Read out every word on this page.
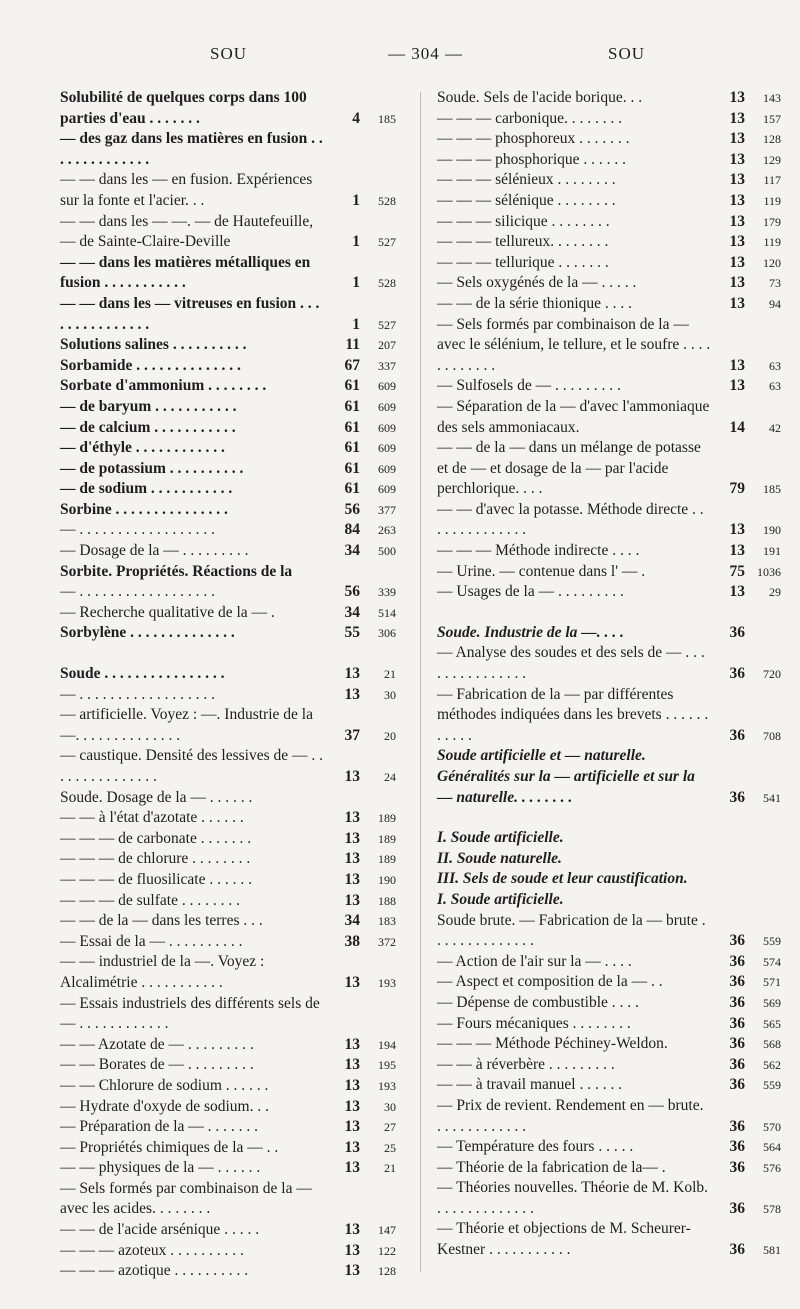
SOU	— 304 —	SOU
Solubilité de quelques corps dans 100 parties d'eau . . . . . . .	4	185
— des gaz dans les matières en fusion . . . . . . . . . . . . . .
— — dans les — en fusion. Expériences sur la fonte et l'acier. . .	1	528
— — dans les — —. — de Hautefeuille, — de Sainte-Claire-Deville	1	527
— — dans les matières métalliques en fusion . . . . . . . . . . .	1	528
— — dans les — vitreuses en fusion . . . . . . . . . . . . . . .	1	527
Solutions salines . . . . . . . . . .	11	207
Sorbamide . . . . . . . . . . . . . .	67	337
Sorbate d'ammonium . . . . . . . .	61	609
— de baryum . . . . . . . . . . .	61	609
— de calcium . . . . . . . . . . .	61	609
— d'éthyle . . . . . . . . . . . .	61	609
— de potassium . . . . . . . . . .	61	609
— de sodium . . . . . . . . . . .	61	609
Sorbine . . . . . . . . . . . . . . .	56	377
— . . . . . . . . . . . . . . . . . .	84	263
— Dosage de la — . . . . . . . . .	34	500
Sorbite. Propriétés. Réactions de la
— . . . . . . . . . . . . . . . . . .	56	339
— Recherche qualitative de la — .	34	514
Sorbylène . . . . . . . . . . . . . .	55	306
Soude . . . . . . . . . . . . . . . .	13	21
— . . . . . . . . . . . . . . . . . .	13	30
— artificielle. Voyez : —. Industrie de la —. . . . . . . . . . . . . .	37	20
— caustique. Densité des lessives de — . . . . . . . . . . . . . . .	13	24
Soude. Dosage de la — . . . . . .
— — à l'état d'azotate . . . . . .	13	189
— — — de carbonate . . . . . . .	13	189
— — — de chlorure . . . . . . . .	13	189
— — — de fluosilicate . . . . . .	13	190
— — — de sulfate . . . . . . . .	13	188
— — de la — dans les terres . . .	34	183
— Essai de la — . . . . . . . . . .	38	372
— — industriel de la —. Voyez : Alcalimétrie . . . . . . . . . . .	13	193
— Essais industriels des différents sels de — . . . . . . . . . . . .
— — Azotate de — . . . . . . . . .	13	194
— — Borates de — . . . . . . . . .	13	195
— — Chlorure de sodium . . . . . .	13	193
— Hydrate d'oxyde de sodium. . .	13	30
— Préparation de la — . . . . . . .	13	27
— Propriétés chimiques de la — . .	13	25
— — physiques de la — . . . . . .	13	21
— Sels formés par combinaison de la — avec les acides. . . . . . . .
— — de l'acide arsénique . . . . .	13	147
— — — azoteux . . . . . . . . . .	13	122
— — — azotique . . . . . . . . . .	13	128
Soude. Sels de l'acide borique. . .	13	143
— — — carbonique. . . . . . . .	13	157
— — — phosphoreux . . . . . . .	13	128
— — — phosphorique . . . . . .	13	129
— — — sélénieux . . . . . . . .	13	117
— — — sélénique . . . . . . . .	13	119
— — — silicique . . . . . . . .	13	179
— — — tellureux. . . . . . . .	13	119
— — — tellurique . . . . . . .	13	120
— Sels oxygénés de la — . . . . .	13	73
— — de la série thionique . . . .	13	94
— Sels formés par combinaison de la — avec le sélénium, le tellure, et le soufre . . . . . . . . . . . .	13	63
— Sulfosels de — . . . . . . . . .	13	63
— Séparation de la — d'avec l'ammoniaque des sels ammoniacaux.	14	42
— — de la — dans un mélange de potasse et de — et dosage de la — par l'acide perchlorique. . . .	79	185
— — d'avec la potasse. Méthode directe . . . . . . . . . . . . . .	13	190
— — — Méthode indirecte . . . .	13	191
— Urine. — contenue dans l' — .	75	1036
— Usages de la — . . . . . . . . .	13	29
Soude. Industrie de la —. . . .	36
— Analyse des soudes et des sels de — . . . . . . . . . . . . . . .	36	720
— Fabrication de la — par différentes méthodes indiquées dans les brevets . . . . . . . . . . .	36	708
Soude artificielle et — naturelle. Généralités sur la — artificielle et sur la — naturelle. . . . . . . .	36	541
I. Soude artificielle.
II. Soude naturelle.
III. Sels de soude et leur caustification.
I. Soude artificielle.
Soude brute. — Fabrication de la — brute . . . . . . . . . . . . . .	36	559
— Action de l'air sur la — . . . .	36	574
— Aspect et composition de la — . .	36	571
— Dépense de combustible . . . .	36	569
— Fours mécaniques . . . . . . . .	36	565
— — — Méthode Péchiney-Weldon.	36	568
— — à réverbère . . . . . . . . .	36	562
— — à travail manuel . . . . . .	36	559
— Prix de revient. Rendement en — brute. . . . . . . . . . . . .	36	570
— Température des fours . . . . .	36	564
— Théorie de la fabrication de la— .	36	576
— Théories nouvelles. Théorie de M. Kolb. . . . . . . . . . . . . .	36	578
— Théorie et objections de M. Scheurer-Kestner . . . . . . . . . . .	36	581
